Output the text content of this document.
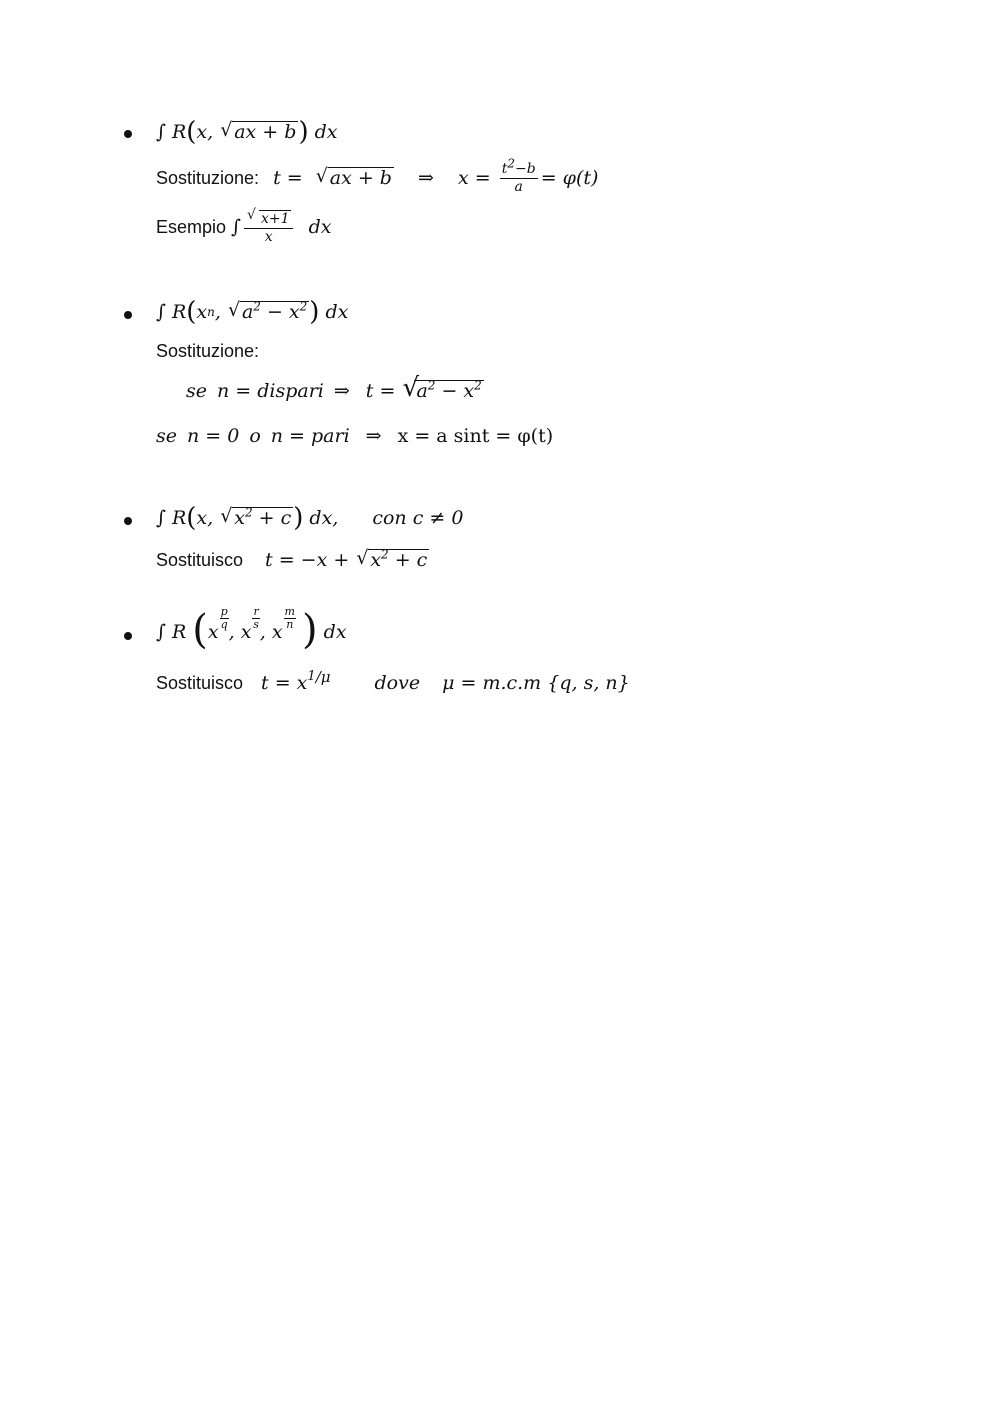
∫ R ( x, √ ax + b ) dx
Sostituzione: t =  √ ax + b ⇒ $x = \frac{t2-b}{a} = \varphi(t)$
Esempio ∫ √ $\frac{x+1}{x}$ dx
∫ R ( x n , √ $a^2 - x^2$ ) dx
Sostituzione:
se n = dispari ⇒ t = √ $a^2 - x^2$
se n = 0 o n = pari ⇒ x = a sint = φ(t)
∫ R ( x, √ $x^2 + c$ ) dx, con c ≠ 0
Sostituisco t = −x + √ $x^2 + c$
∫ R ( x
$\frac{p}{q}$
, x
$\frac{r}{s}$
, x
$\frac{m}{n}$
) dx
Sostituisco $t = x^{1/\mu}$ dove μ = m.c.m {q, s, n}
